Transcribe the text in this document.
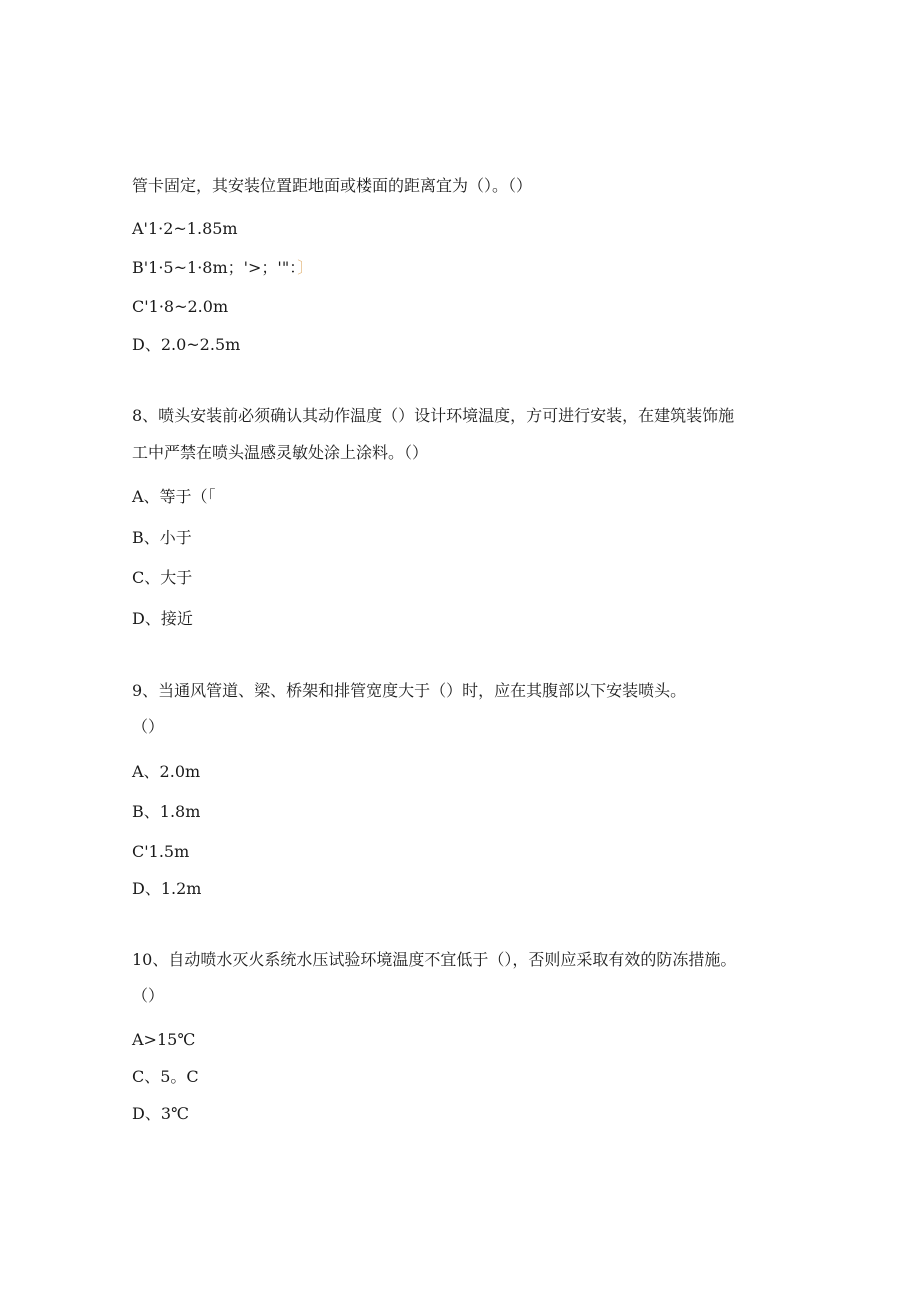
管卡固定，其安装位置距地面或楼面的距离宜为（）。（）
A'1·2~1.85m
B'1·5~1·8m；'>；'"：〕
C'1·8~2.0m
D、2.0~2.5m
8、喷头安装前必须确认其动作温度（）设计环境温度，方可进行安装，在建筑装饰施
工中严禁在喷头温感灵敏处涂上涂料。（）
A、等于（「
B、小于
C、大于
D、接近
9、当通风管道、梁、桥架和排管宽度大于（）时，应在其腹部以下安装喷头。
（）
A、2.0m
B、1.8m
C'1.5m
D、1.2m
10、自动喷水灭火系统水压试验环境温度不宜低于（），否则应采取有效的防冻措施。
（）
A>15℃
C、5。C
D、3℃
